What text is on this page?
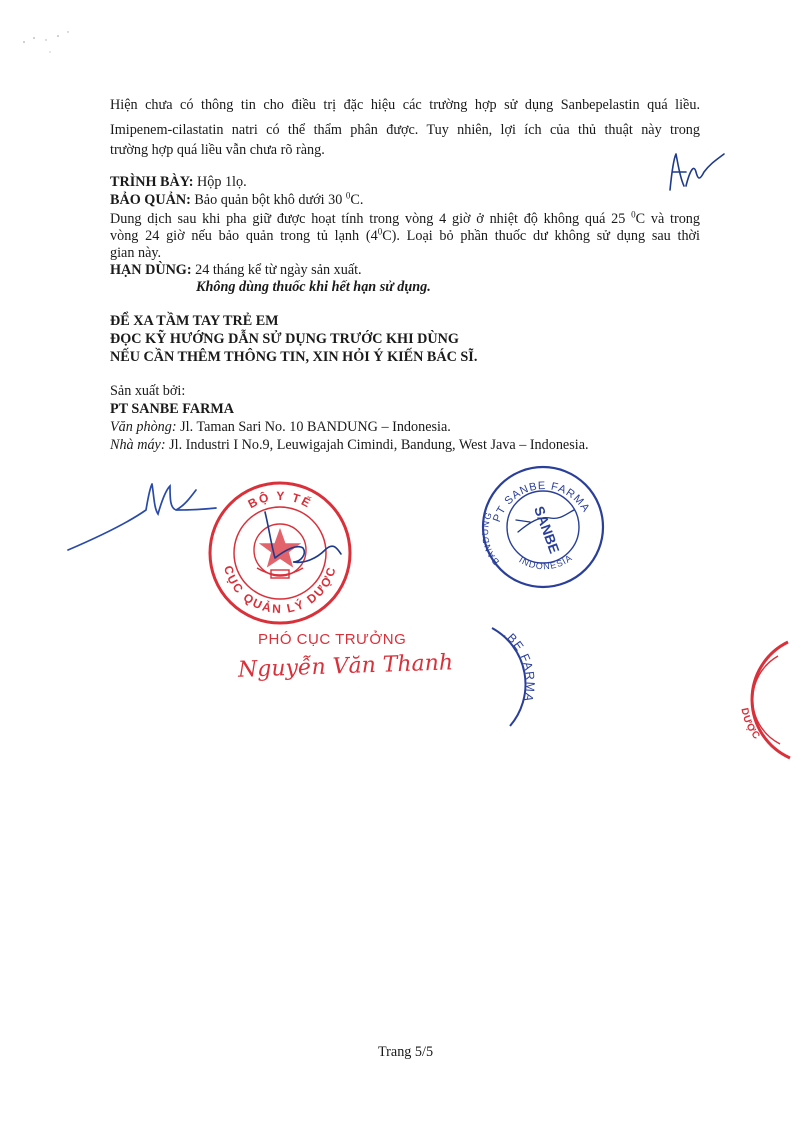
Hiện chưa có thông tin cho điều trị đặc hiệu các trường hợp sử dụng Sanbepelastin quá liều.
Imipenem-cilastatin natri có thể thẩm phân được. Tuy nhiên, lợi ích của thủ thuật này trong
trường hợp quá liều vẫn chưa rõ ràng.
TRÌNH BÀY: Hộp 1lọ.
BẢO QUẢN: Bảo quản bột khô dưới 30 $^0$C.
Dung dịch sau khi pha giữ được hoạt tính trong vòng 4 giờ ở nhiệt độ không quá 25 $^0$C và trong
vòng 24 giờ nếu bảo quản trong tủ lạnh $(4^0C)$. Loại bỏ phần thuốc dư không sử dụng sau thời
gian này.
HẠN DÙNG: 24 tháng kể từ ngày sản xuất.
Không dùng thuốc khi hết hạn sử dụng.
ĐỂ XA TẦM TAY TRẺ EM
ĐỌC KỸ HƯỚNG DẪN SỬ DỤNG TRƯỚC KHI DÙNG
NẾU CẦN THÊM THÔNG TIN, XIN HỎI Ý KIẾN BÁC SĨ.
Sản xuất bởi:
PT SANBE FARMA
Văn phòng: Jl. Taman Sari No. 10 BANDUNG – Indonesia.
Nhà máy: Jl. Industri I No.9, Leuwigajah Cimindi, Bandung, West Java – Indonesia.
BỘ Y TẾ
CỤC QUẢN LÝ DƯỢC
PHÓ CỤC TRƯỞNG
Nguyễn Văn Thanh
PT SANBE FARMA
INDONESIA
BANDUNG	SANBE
.BE FARMA
DƯỢC
Trang 5/5
